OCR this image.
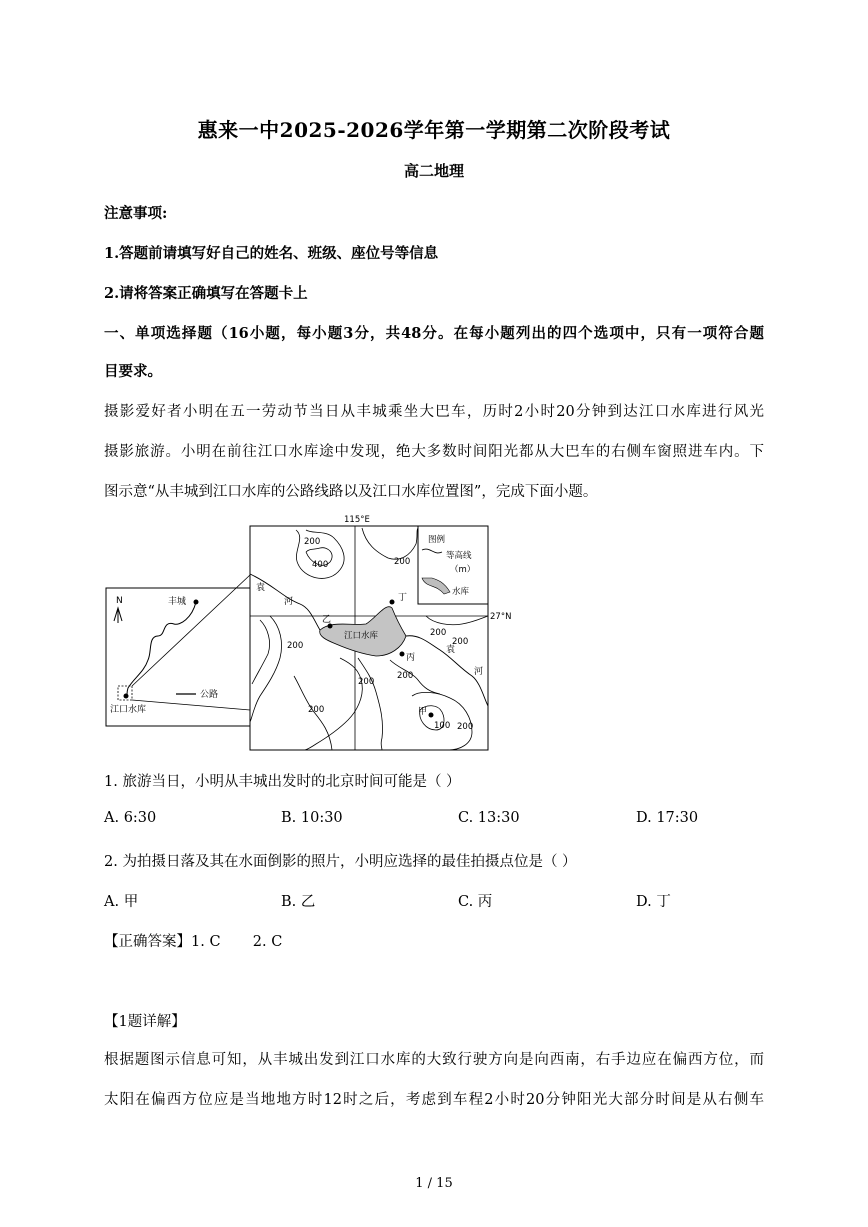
惠来一中2025-2026学年第一学期第二次阶段考试
高二地理
注意事项:
1.答题前请填写好自己的姓名、班级、座位号等信息
2.请将答案正确填写在答题卡上
一、单项选择题（16小题，每小题3分，共48分。在每小题列出的四个选项中，只有一项符合题
目要求。
摄影爱好者小明在五一劳动节当日从丰城乘坐大巴车，历时2小时20分钟到达江口水库进行风光
摄影旅游。小明在前往江口水库途中发现，绝大多数时间阳光都从大巴车的右侧车窗照进车内。下
图示意“从丰城到江口水库的公路线路以及江口水库位置图”，完成下面小题。
N	丰城
江口水库
公路
115°E
27°N
图例
等高线
（m）
水库
江口水库
袁
河
袁
河
200
400	200
200
200
200
200
200
200
100 200
甲
乙
丙
丁
1. 旅游当日，小明从丰城出发时的北京时间可能是（ ）
A. 6:30	B. 10:30	C. 13:30	D. 17:30
2. 为拍摄日落及其在水面倒影的照片，小明应选择的最佳拍摄点位是（ ）
A. 甲	B. 乙	C. 丙	D. 丁
【正确答案】1. C       2. C
【1题详解】
根据题图示信息可知，从丰城出发到江口水库的大致行驶方向是向西南，右手边应在偏西方位，而
太阳在偏西方位应是当地地方时12时之后，考虑到车程2小时20分钟阳光大部分时间是从右侧车
1 / 15
